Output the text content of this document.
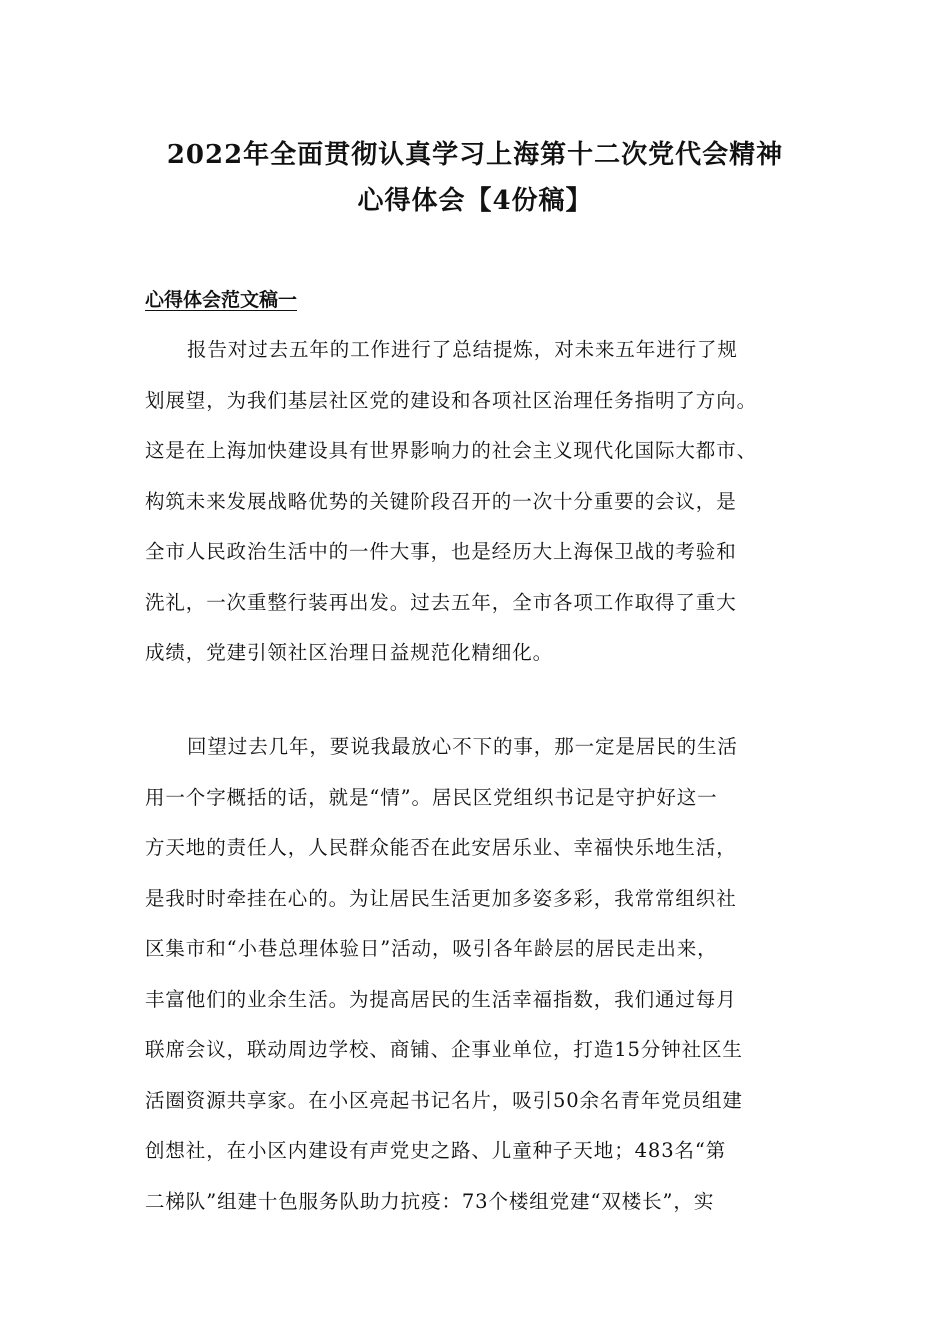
2022年全面贯彻认真学习上海第十二次党代会精神
心得体会【4份稿】
心得体会范文稿一

报告对过去五年的工作进行了总结提炼，对未来五年进行了规

划展望，为我们基层社区党的建设和各项社区治理任务指明了方向。

这是在上海加快建设具有世界影响力的社会主义现代化国际大都市、

构筑未来发展战略优势的关键阶段召开的一次十分重要的会议，是

全市人民政治生活中的一件大事，也是经历大上海保卫战的考验和

洗礼，一次重整行装再出发。过去五年，全市各项工作取得了重大

成绩，党建引领社区治理日益规范化精细化。

回望过去几年，要说我最放心不下的事，那一定是居民的生活

用一个字概括的话，就是“情”。居民区党组织书记是守护好这一

方天地的责任人，人民群众能否在此安居乐业、幸福快乐地生活，

是我时时牵挂在心的。为让居民生活更加多姿多彩，我常常组织社

区集市和“小巷总理体验日”活动，吸引各年龄层的居民走出来，

丰富他们的业余生活。为提高居民的生活幸福指数，我们通过每月

联席会议，联动周边学校、商铺、企事业单位，打造15分钟社区生

活圈资源共享家。在小区亮起书记名片，吸引50余名青年党员组建

创想社，在小区内建设有声党史之路、儿童种子天地；483名“第

二梯队”组建十色服务队助力抗疫：73个楼组党建“双楼长”，实
